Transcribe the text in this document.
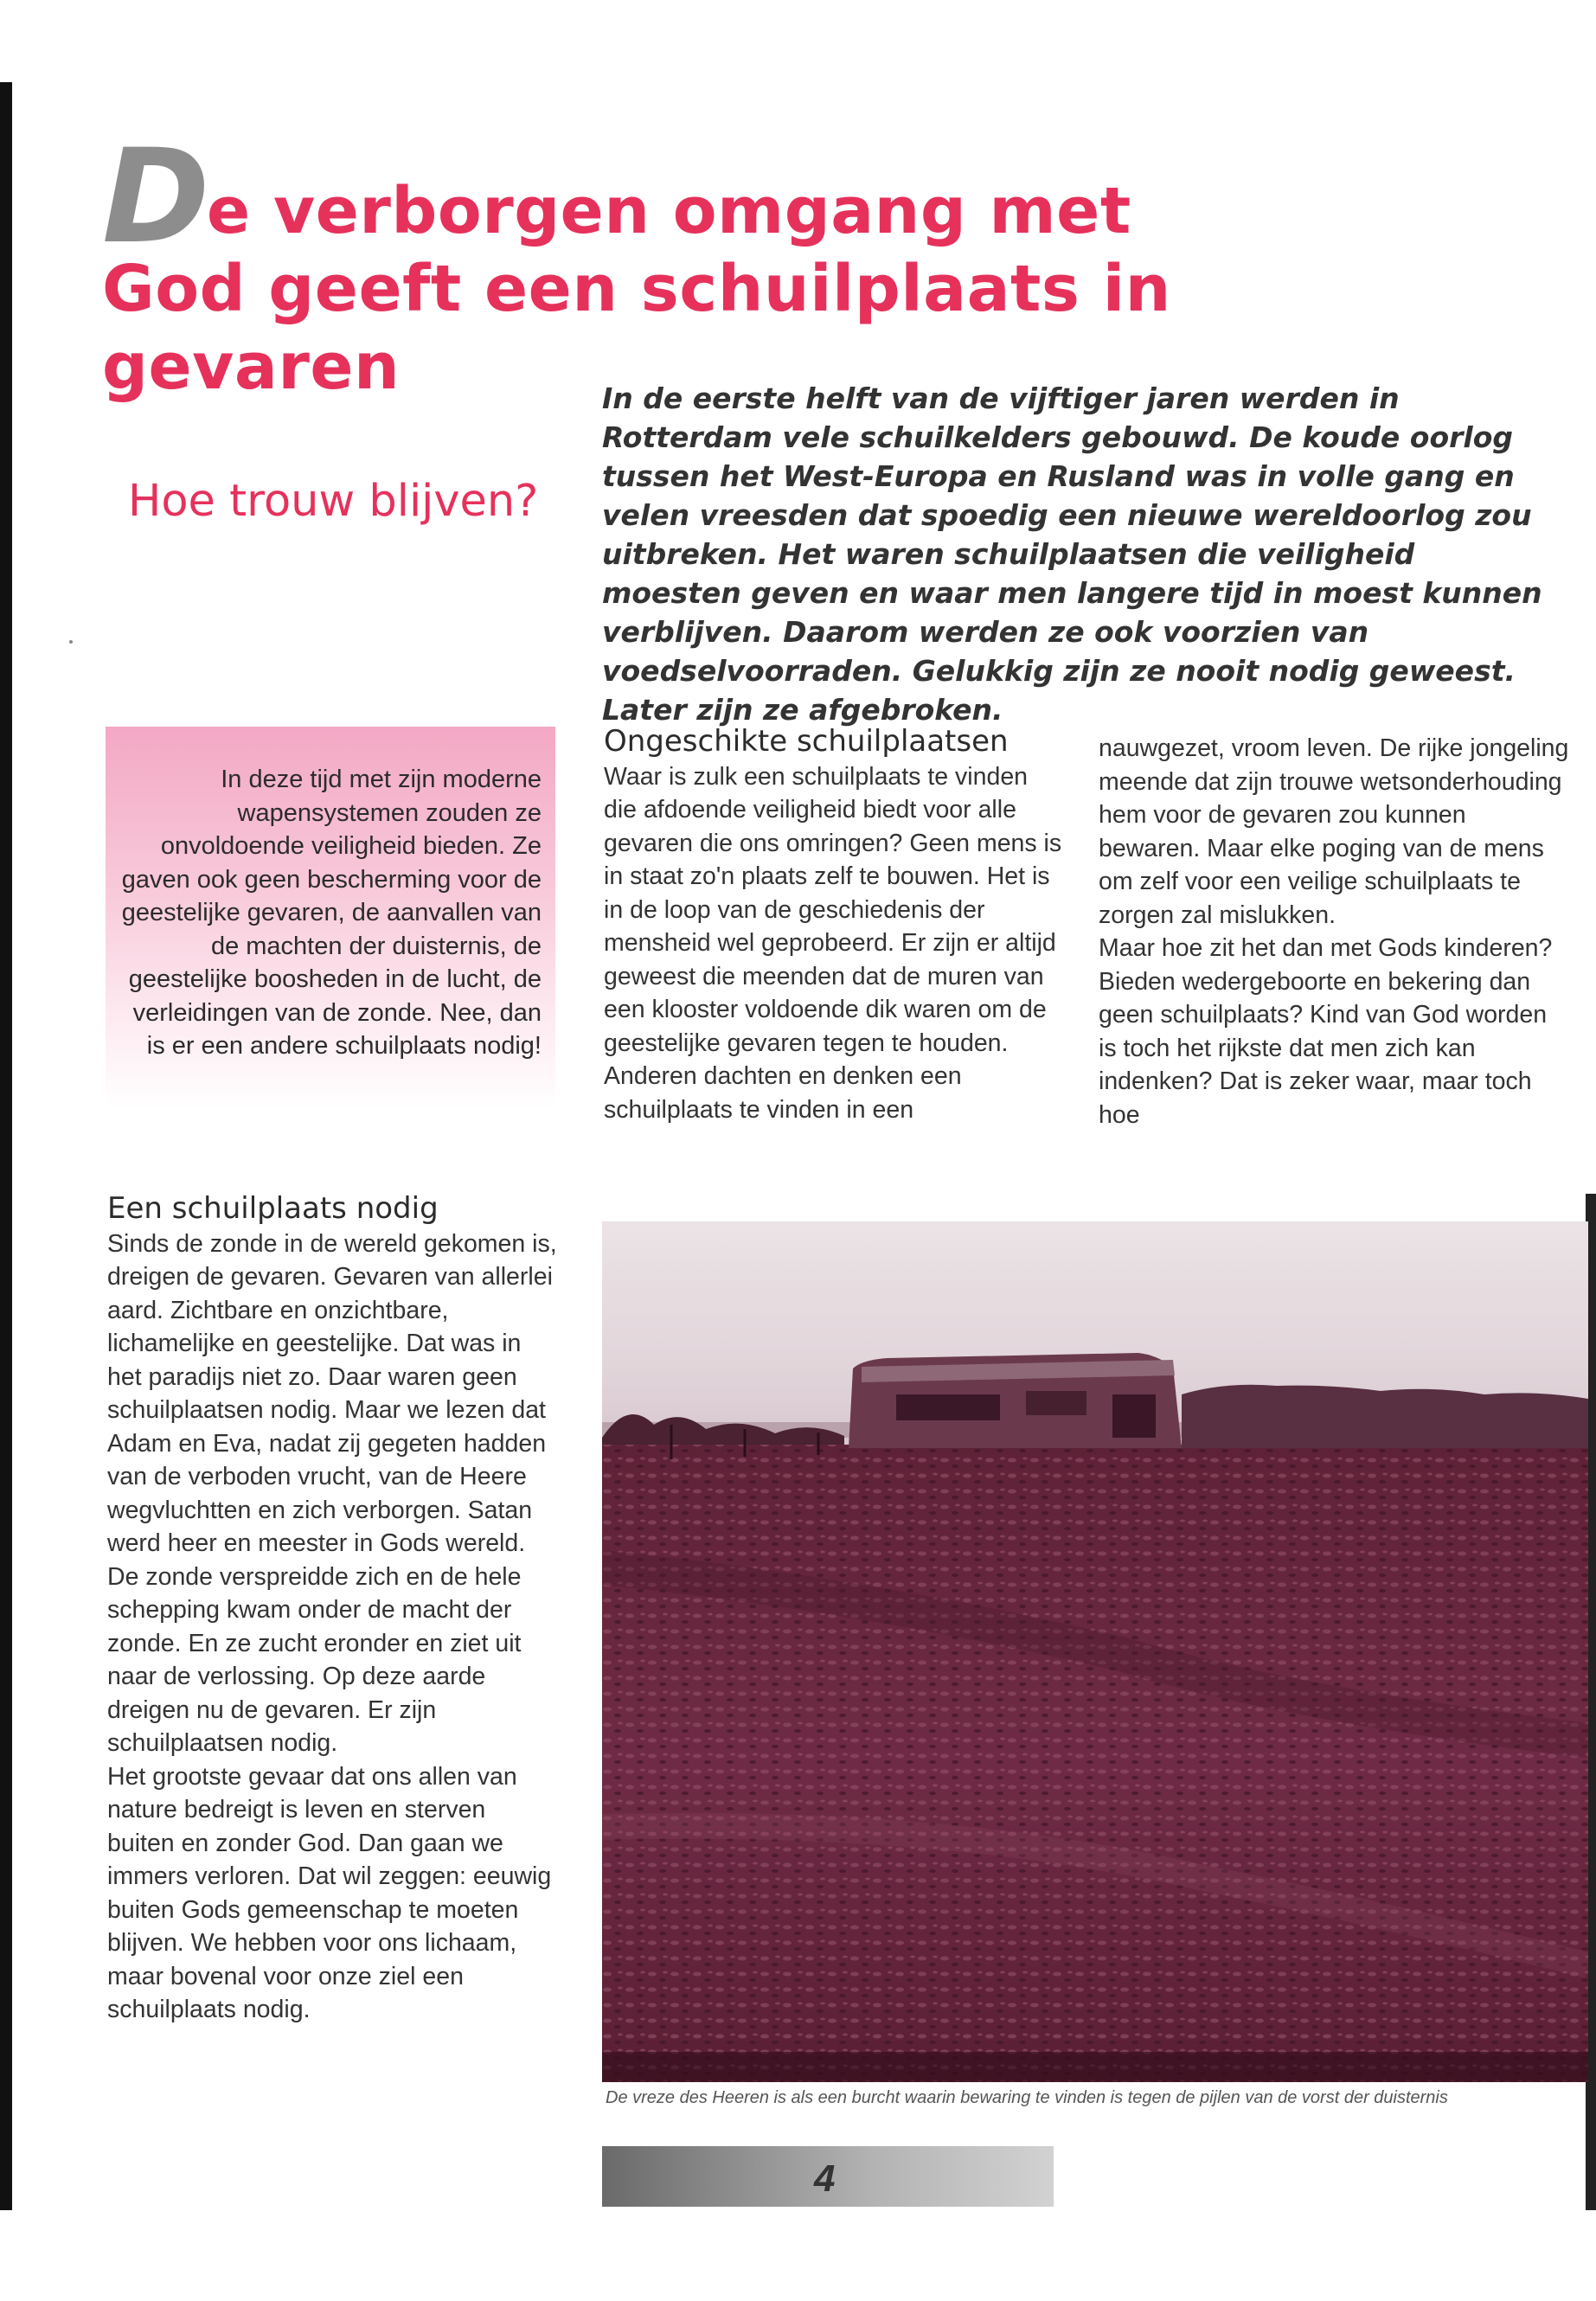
De verborgen omgang met
God geeft een schuilplaats in gevaren
Hoe trouw blijven?
In de eerste helft van de vijftiger jaren werden in Rotterdam vele schuilkelders gebouwd. De koude oorlog tussen het West-Europa en Rusland was in volle gang en velen vreesden dat spoedig een nieuwe wereldoorlog zou uitbreken. Het waren schuilplaatsen die veiligheid moesten geven en waar men langere tijd in moest kunnen verblijven. Daarom werden ze ook voorzien van voedselvoorraden. Gelukkig zijn ze nooit nodig geweest. Later zijn ze afgebroken.
In deze tijd met zijn moderne wapensystemen zouden ze onvoldoende veiligheid bieden. Ze gaven ook geen bescherming voor de geestelijke gevaren, de aanvallen van de machten der duisternis, de geestelijke boosheden in de lucht, de verleidingen van de zonde. Nee, dan is er een andere schuilplaats nodig!
Ongeschikte schuilplaatsen

Waar is zulk een schuilplaats te vinden die afdoende veiligheid biedt voor alle gevaren die ons omringen? Geen mens is in staat zo'n plaats zelf te bouwen. Het is in de loop van de geschiedenis der mensheid wel geprobeerd. Er zijn er altijd geweest die meenden dat de muren van een klooster voldoende dik waren om de geestelijke gevaren tegen te houden. Anderen dachten en denken een schuilplaats te vinden in een

nauwgezet, vroom leven. De rijke jongeling meende dat zijn trouwe wetsonderhouding hem voor de gevaren zou kunnen bewaren. Maar elke poging van de mens om zelf voor een veilige schuilplaats te zorgen zal mislukken.

Maar hoe zit het dan met Gods kinderen? Bieden wedergeboorte en bekering dan geen schuilplaats? Kind van God worden is toch het rijkste dat men zich kan indenken? Dat is zeker waar, maar toch hoe

Een schuilplaats nodig

Sinds de zonde in de wereld gekomen is, dreigen de gevaren. Gevaren van allerlei aard. Zichtbare en onzichtbare, lichamelijke en geestelijke. Dat was in het paradijs niet zo. Daar waren geen schuilplaatsen nodig. Maar we lezen dat Adam en Eva, nadat zij gegeten hadden van de verboden vrucht, van de Heere wegvluchtten en zich verborgen. Satan werd heer en meester in Gods wereld. De zonde verspreidde zich en de hele schepping kwam onder de macht der zonde. En ze zucht eronder en ziet uit naar de verlossing. Op deze aarde dreigen nu de gevaren. Er zijn schuilplaatsen nodig.

Het grootste gevaar dat ons allen van nature bedreigt is leven en sterven buiten en zonder God. Dan gaan we immers verloren. Dat wil zeggen: eeuwig buiten Gods gemeenschap te moeten blijven. We hebben voor ons lichaam, maar bovenal voor onze ziel een schuilplaats nodig.

De vreze des Heeren is als een burcht waarin bewaring te vinden is tegen de pijlen van de vorst der duisternis
4
